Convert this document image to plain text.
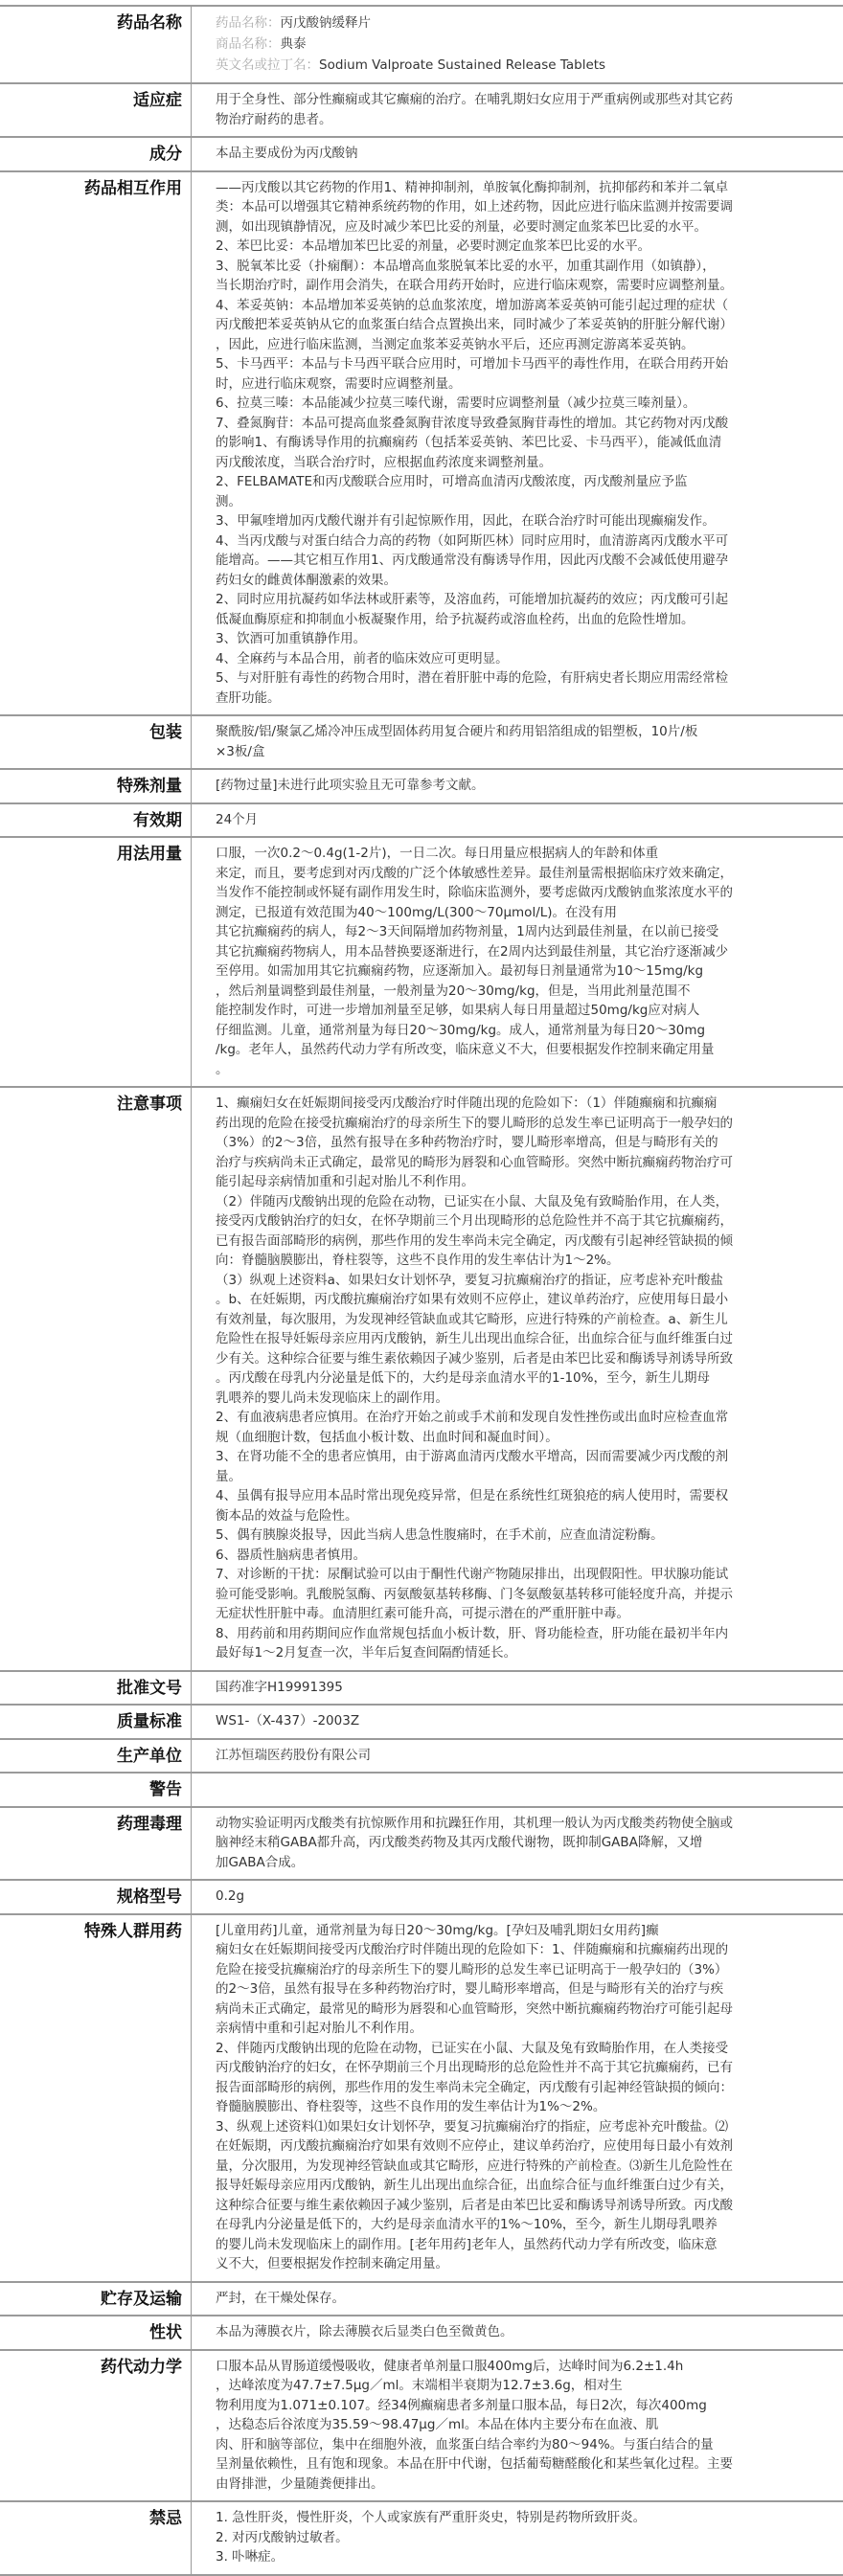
药品名称	药品名称：丙戊酸钠缓释片
商品名称：典泰
英文名或拉丁名：Sodium Valproate Sustained Release Tablets
适应症	用于全身性、部分性癫痫或其它癫痫的治疗。在哺乳期妇女应用于严重病例或那些对其它药
物治疗耐药的患者。
成分	本品主要成份为丙戊酸钠
药品相互作用	——丙戊酸以其它药物的作用1、精神抑制剂，单胺氧化酶抑制剂，抗抑郁药和苯并二氧卓
类：本品可以增强其它精神系统药物的作用，如上述药物，因此应进行临床监测并按需要调
测，如出现镇静情况，应及时减少苯巴比妥的剂量，必要时测定血浆苯巴比妥的水平。
2、苯巴比妥：本品增加苯巴比妥的剂量，必要时测定血浆苯巴比妥的水平。
3、脱氧苯比妥（扑痫酮）：本品增高血浆脱氧苯比妥的水平，加重其副作用（如镇静），
当长期治疗时，副作用会消失，在联合用药开始时，应进行临床观察，需要时应调整剂量。
4、苯妥英钠：本品增加苯妥英钠的总血浆浓度，增加游离苯妥英钠可能引起过理的症状（
丙戊酸把苯妥英钠从它的血浆蛋白结合点置换出来，同时减少了苯妥英钠的肝脏分解代谢）
，因此，应进行临床监测，当测定血浆苯妥英钠水平后，还应再测定游离苯妥英钠。
5、卡马西平：本品与卡马西平联合应用时，可增加卡马西平的毒性作用，在联合用药开始
时，应进行临床观察，需要时应调整剂量。
6、拉莫三嗪：本品能减少拉莫三嗪代谢，需要时应调整剂量（减少拉莫三嗪剂量）。
7、叠氮胸苷：本品可提高血浆叠氮胸苷浓度导致叠氮胸苷毒性的增加。其它药物对丙戊酸
的影响1、有酶诱导作用的抗癫痫药（包括苯妥英钠、苯巴比妥、卡马西平），能减低血清
丙戊酸浓度，当联合治疗时，应根据血药浓度来调整剂量。
2、FELBAMATE和丙戊酸联合应用时，可增高血清丙戊酸浓度，丙戊酸剂量应予监
测。
3、甲氟喹增加丙戊酸代谢并有引起惊厥作用，因此，在联合治疗时可能出现癫痫发作。
4、当丙戊酸与对蛋白结合力高的药物（如阿斯匹林）同时应用时，血清游离丙戊酸水平可
能增高。——其它相互作用1、丙戊酸通常没有酶诱导作用，因此丙戊酸不会减低使用避孕
药妇女的雌黄体酮激素的效果。
2、同时应用抗凝药如华法林或肝素等，及溶血药，可能增加抗凝药的效应；丙戊酸可引起
低凝血酶原症和抑制血小板凝聚作用，给予抗凝药或溶血栓药，出血的危险性增加。
3、饮酒可加重镇静作用。
4、全麻药与本品合用，前者的临床效应可更明显。
5、与对肝脏有毒性的药物合用时，潜在着肝脏中毒的危险，有肝病史者长期应用需经常检
查肝功能。
包装	聚酰胺/铝/聚氯乙烯冷冲压成型固体药用复合硬片和药用铝箔组成的铝塑板，10片/板
×3板/盒
特殊剂量	[药物过量]未进行此项实验且无可靠参考文献。
有效期	24个月
用法用量	口服，一次0.2～0.4g(1-2片)，一日二次。每日用量应根据病人的年龄和体重
来定，而且，要考虑到对丙戊酸的广泛个体敏感性差异。最佳剂量需根据临床疗效来确定，
当发作不能控制或怀疑有副作用发生时，除临床监测外，要考虑做丙戊酸钠血浆浓度水平的
测定，已报道有效范围为40～100mg/L(300～70μmol/L)。在没有用
其它抗癫痫药的病人，每2～3天间隔增加药物剂量，1周内达到最佳剂量，在以前已接受
其它抗癫痫药物病人，用本品替换要逐渐进行，在2周内达到最佳剂量，其它治疗逐渐减少
至停用。如需加用其它抗癫痫药物，应逐渐加入。最初每日剂量通常为10～15mg/kg
，然后剂量调整到最佳剂量，一般剂量为20～30mg/kg，但是，当用此剂量范围不
能控制发作时，可进一步增加剂量至足够，如果病人每日用量超过50mg/kg应对病人
仔细监测。儿童，通常剂量为每日20～30mg/kg。成人，通常剂量为每日20～30mg
/kg。老年人，虽然药代动力学有所改变，临床意义不大，但要根据发作控制来确定用量
。
注意事项	1、癫痫妇女在妊娠期间接受丙戊酸治疗时伴随出现的危险如下：（1）伴随癫痫和抗癫痫
药出现的危险在接受抗癫痫治疗的母亲所生下的婴儿畸形的总发生率已证明高于一般孕妇的
（3%）的2～3倍，虽然有报导在多种药物治疗时，婴儿畸形率增高，但是与畸形有关的
治疗与疾病尚未正式确定，最常见的畸形为唇裂和心血管畸形。突然中断抗癫痫药物治疗可
能引起母亲病情加重和引起对胎儿不利作用。
（2）伴随丙戊酸钠出现的危险在动物，已证实在小鼠、大鼠及兔有致畸胎作用，在人类，
接受丙戊酸钠治疗的妇女，在怀孕期前三个月出现畸形的总危险性并不高于其它抗癫痫药，
已有报告面部畸形的病例，那些作用的发生率尚未完全确定，丙戊酸有引起神经管缺损的倾
向：脊髓脑膜膨出，脊柱裂等，这些不良作用的发生率估计为1～2%。
（3）纵观上述资料a、如果妇女计划怀孕，要复习抗癫痫治疗的指证，应考虑补充叶酸盐
。b、在妊娠期，丙戊酸抗癫痫治疗如果有效则不应停止，建议单药治疗，应使用每日最小
有效剂量，每次服用，为发现神经管缺血或其它畸形，应进行特殊的产前检查。a、新生儿
危险性在报导妊娠母亲应用丙戊酸钠，新生儿出现出血综合征，出血综合征与血纤维蛋白过
少有关。这种综合征要与维生素依赖因子减少鉴别，后者是由苯巴比妥和酶诱导剂诱导所致
。丙戊酸在母乳内分泌量是低下的，大约是母亲血清水平的1-10%，至今，新生儿期母
乳喂养的婴儿尚未发现临床上的副作用。
2、有血液病患者应慎用。在治疗开始之前或手术前和发现自发性挫伤或出血时应检查血常
规（血细胞计数，包括血小板计数、出血时间和凝血时间）。
3、在肾功能不全的患者应慎用，由于游离血清丙戊酸水平增高，因而需要减少丙戊酸的剂
量。
4、虽偶有报导应用本品时常出现免疫异常，但是在系统性红斑狼疮的病人使用时，需要权
衡本品的效益与危险性。
5、偶有胰腺炎报导，因此当病人患急性腹痛时，在手术前，应查血清淀粉酶。
6、器质性脑病患者慎用。
7、对诊断的干扰：尿酮试验可以由于酮性代谢产物随尿排出，出现假阳性。甲状腺功能试
验可能受影响。乳酸脱氢酶、丙氨酸氨基转移酶、门冬氨酸氨基转移可能轻度升高，并提示
无症状性肝脏中毒。血清胆红素可能升高，可提示潜在的严重肝脏中毒。
8、用药前和用药期间应作血常规包括血小板计数，肝、肾功能检查，肝功能在最初半年内
最好每1～2月复查一次，半年后复查间隔酌情延长。
批准文号	国药准字H19991395
质量标准	WS1-（X-437）-2003Z
生产单位	江苏恒瑞医药股份有限公司
警告

药理毒理	动物实验证明丙戊酸类有抗惊厥作用和抗躁狂作用，其机理一般认为丙戊酸类药物使全脑或
脑神经末稍GABA都升高，丙戊酸类药物及其丙戊酸代谢物，既抑制GABA降解，又增
加GABA合成。
规格型号	0.2g
特殊人群用药	[儿童用药]儿童，通常剂量为每日20～30mg/kg。[孕妇及哺乳期妇女用药]癫
痫妇女在妊娠期间接受丙戊酸治疗时伴随出现的危险如下：1、伴随癫痫和抗癫痫药出现的
危险在接受抗癫痫治疗的母亲所生下的婴儿畸形的总发生率已证明高于一般孕妇的（3%）
的2～3倍，虽然有报导在多种药物治疗时，婴儿畸形率增高，但是与畸形有关的治疗与疾
病尚未正式确定，最常见的畸形为唇裂和心血管畸形，突然中断抗癫痫药物治疗可能引起母
亲病情中重和引起对胎儿不利作用。
2、伴随丙戊酸钠出现的危险在动物，已证实在小鼠、大鼠及兔有致畸胎作用，在人类接受
丙戊酸钠治疗的妇女，在怀孕期前三个月出现畸形的总危险性并不高于其它抗癫痫药，已有
报告面部畸形的病例，那些作用的发生率尚未完全确定，丙戊酸有引起神经管缺损的倾向：
脊髓脑膜膨出、脊柱裂等，这些不良作用的发生率估计为1%～2%。
3、纵观上述资料⑴如果妇女计划怀孕，要复习抗癫痫治疗的指症，应考虑补充叶酸盐。⑵
在妊娠期，丙戊酸抗癫痫治疗如果有效则不应停止，建议单药治疗，应使用每日最小有效剂
量，分次服用，为发现神经管缺血或其它畸形，应进行特殊的产前检查。⑶新生儿危险性在
报导妊娠母亲应用丙戊酸钠，新生儿出现出血综合征，出血综合征与血纤维蛋白过少有关，
这种综合征要与维生素依赖因子减少鉴别，后者是由苯巴比妥和酶诱导剂诱导所致。丙戊酸
在母乳内分泌量是低下的，大约是母亲血清水平的1%～10%，至今，新生儿期母乳喂养
的婴儿尚未发现临床上的副作用。[老年用药]老年人，虽然药代动力学有所改变，临床意
义不大，但要根据发作控制来确定用量。
贮存及运输	严封，在干燥处保存。
性状	本品为薄膜衣片，除去薄膜衣后显类白色至微黄色。
药代动力学	口服本品从胃肠道缓慢吸收，健康者单剂量口服400mg后，达峰时间为6.2±1.4h
，达峰浓度为47.7±7.5μg／ml。末端相半衰期为12.7±3.6g，相对生
物利用度为1.071±0.107。经34例癫痫患者多剂量口服本品，每日2次，每次400mg
，达稳态后谷浓度为35.59～98.47μg／ml。本品在体内主要分布在血液、肌
肉、肝和脑等部位，集中在细胞外液，血浆蛋白结合率约为80～94%。与蛋白结合的量
呈剂量依赖性，且有饱和现象。本品在肝中代谢，包括葡萄糖醛酸化和某些氧化过程。主要
由肾排泄，少量随粪便排出。
禁忌	1. 急性肝炎，慢性肝炎，个人或家族有严重肝炎史，特别是药物所致肝炎。
2. 对丙戊酸钠过敏者。
3. 卟啉症。
